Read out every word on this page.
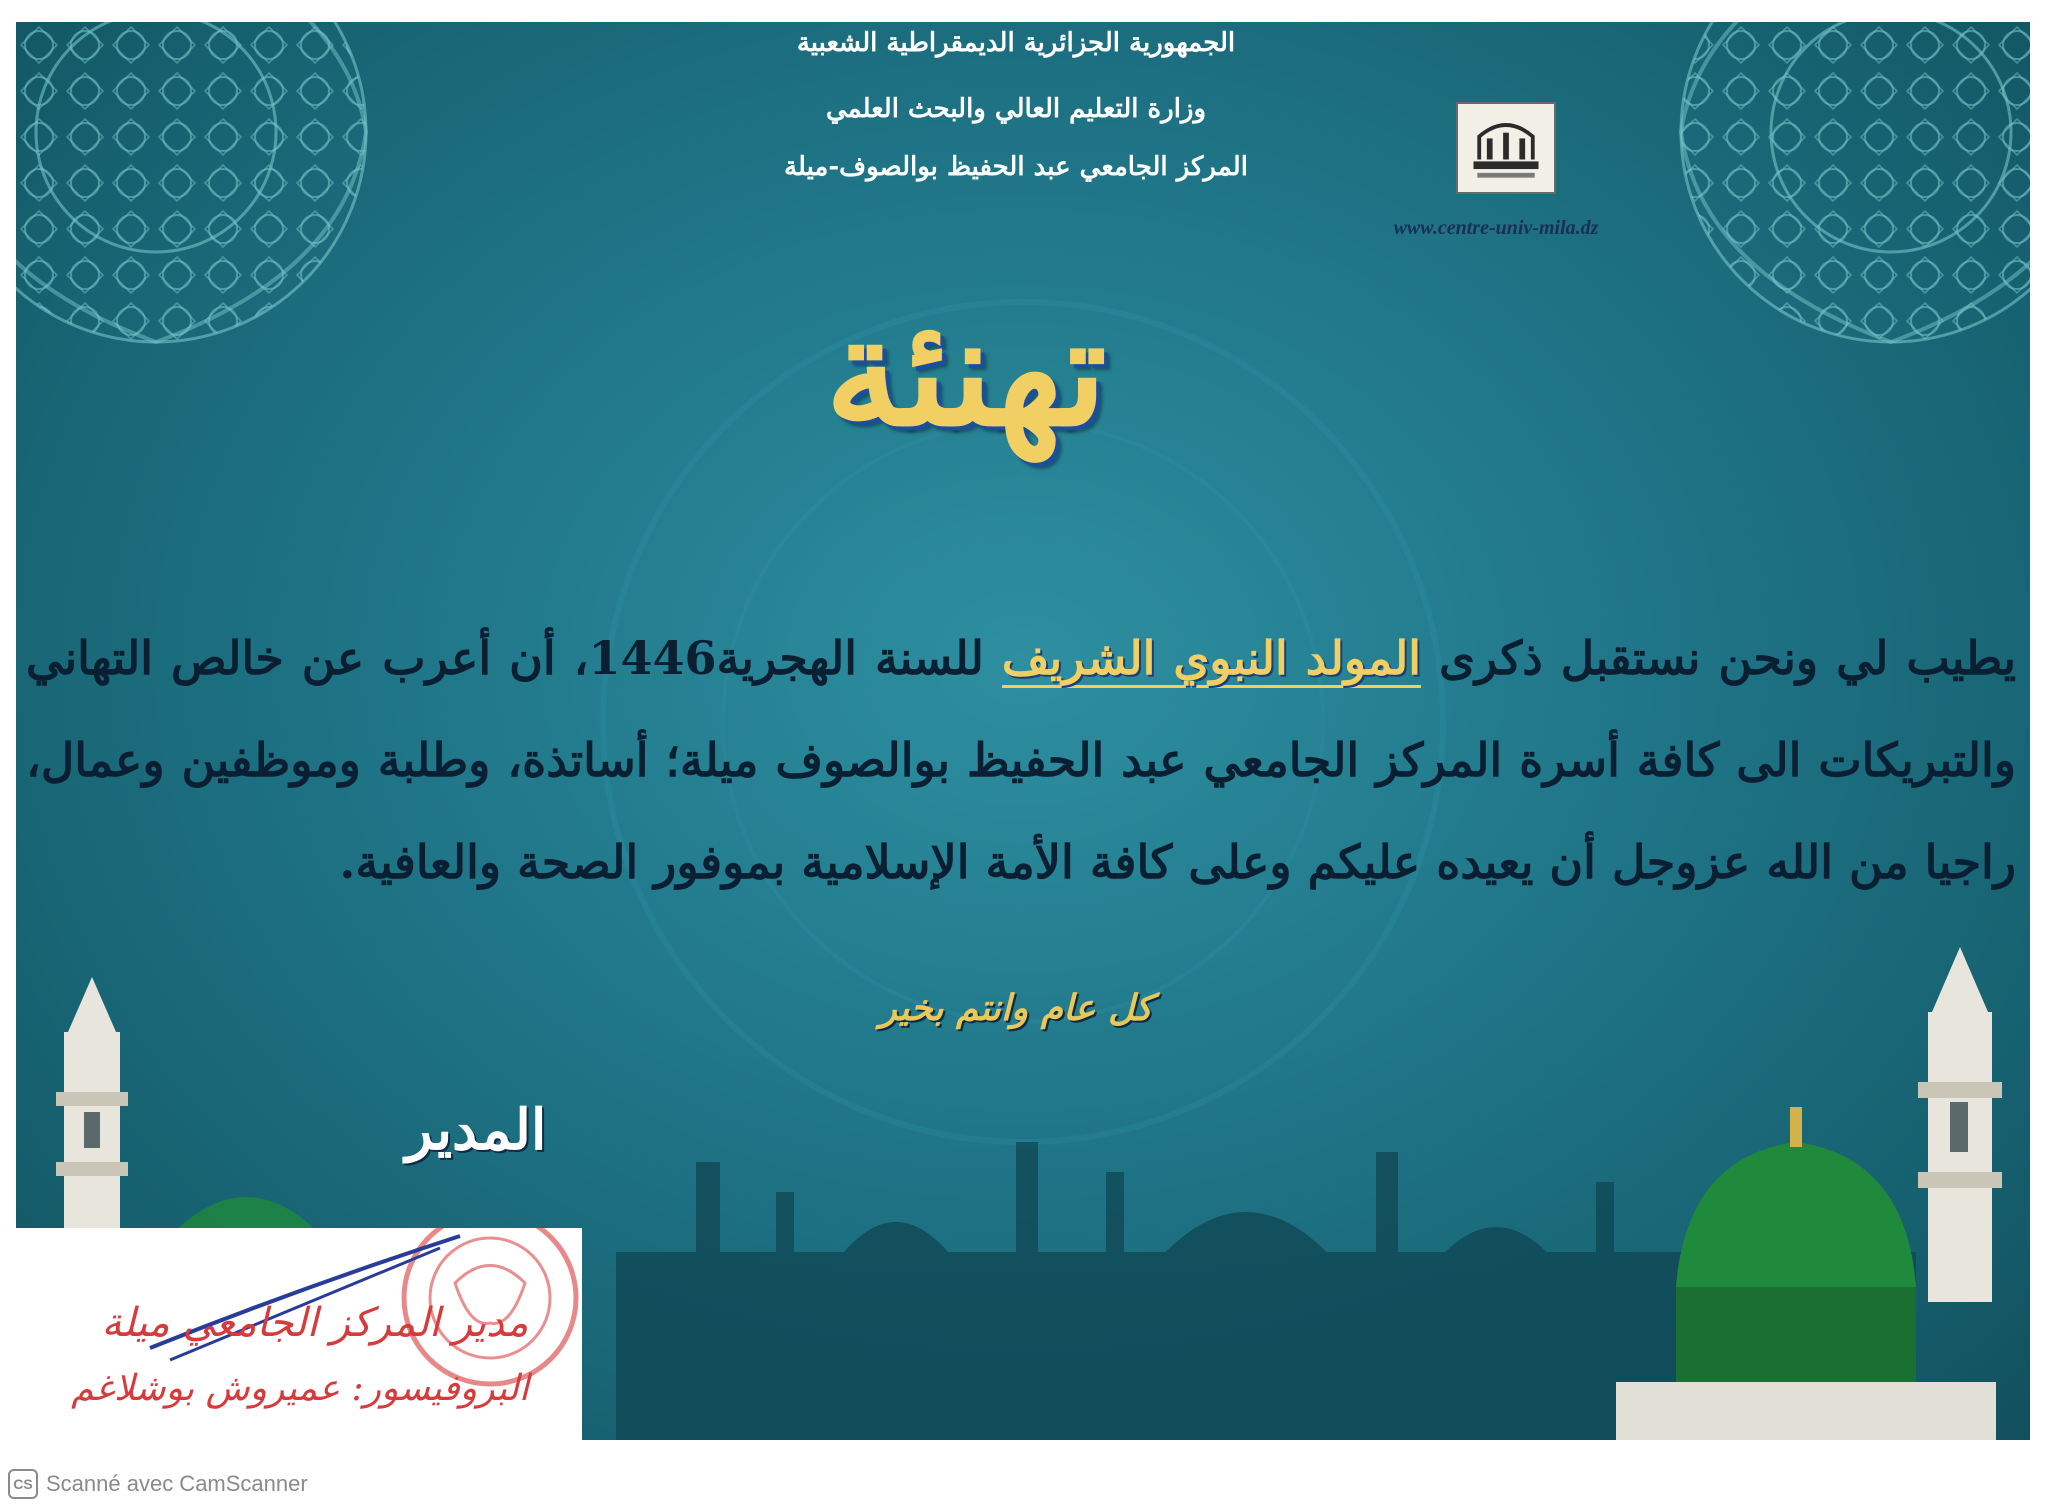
الجمهورية الجزائرية الديمقراطية الشعبية
وزارة التعليم العالي والبحث العلمي
المركز الجامعي عبد الحفيظ بوالصوف-ميلة
www.centre-univ-mila.dz
تهنئة
يطيب لي ونحن نستقبل ذكرى المولد النبوي الشريف للسنة الهجرية1446، أن أعرب عن خالص التهاني والتبريكات الى كافة أسرة المركز الجامعي عبد الحفيظ بوالصوف ميلة؛ أساتذة، وطلبة وموظفين وعمال، راجيا من الله عزوجل أن يعيده عليكم وعلى كافة الأمة الإسلامية بموفور الصحة والعافية.
كل عام وانتم بخير
المدير
مدير المركز الجامعي ميلة
البروفيسور: عميروش بوشلاغم
CS Scanné avec CamScanner
